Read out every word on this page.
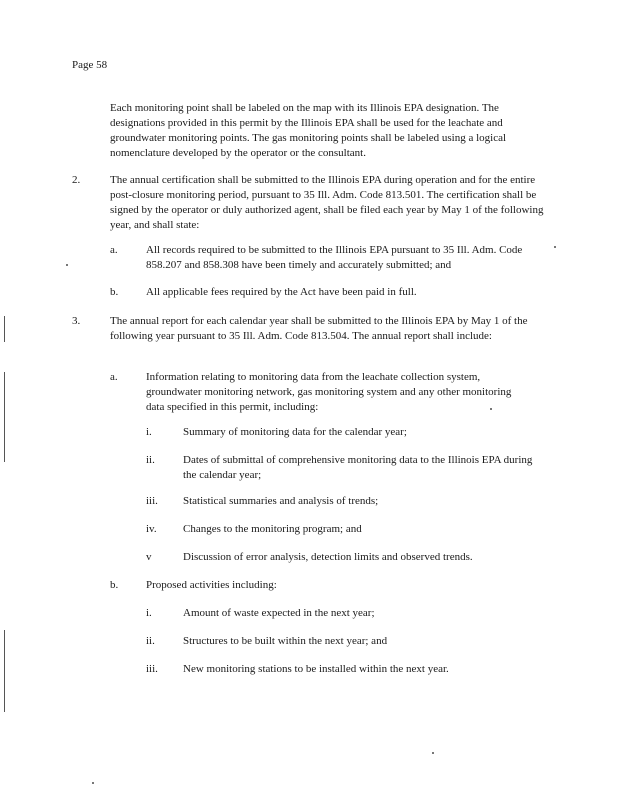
Page 58
Each monitoring point shall be labeled on the map with its Illinois EPA designation. The designations provided in this permit by the Illinois EPA shall be used for the leachate and groundwater monitoring points. The gas monitoring points shall be labeled using a logical nomenclature developed by the operator or the consultant.
2.	The annual certification shall be submitted to the Illinois EPA during operation and for the entire post-closure monitoring period, pursuant to 35 Ill. Adm. Code 813.501. The certification shall be signed by the operator or duly authorized agent, shall be filed each year by May 1 of the following year, and shall state:
a.	All records required to be submitted to the Illinois EPA pursuant to 35 Ill. Adm. Code 858.207 and 858.308 have been timely and accurately submitted; and
b.	All applicable fees required by the Act have been paid in full.
3.	The annual report for each calendar year shall be submitted to the Illinois EPA by May 1 of the following year pursuant to 35 Ill. Adm. Code 813.504. The annual report shall include:
a.	Information relating to monitoring data from the leachate collection system, groundwater monitoring network, gas monitoring system and any other monitoring data specified in this permit, including:
i.	Summary of monitoring data for the calendar year;
ii.	Dates of submittal of comprehensive monitoring data to the Illinois EPA during the calendar year;
iii. Statistical summaries and analysis of trends;
iv. Changes to the monitoring program; and
v	Discussion of error analysis, detection limits and observed trends.
b.	Proposed activities including:
i.	Amount of waste expected in the next year;
ii.	Structures to be built within the next year; and
iii. New monitoring stations to be installed within the next year.
